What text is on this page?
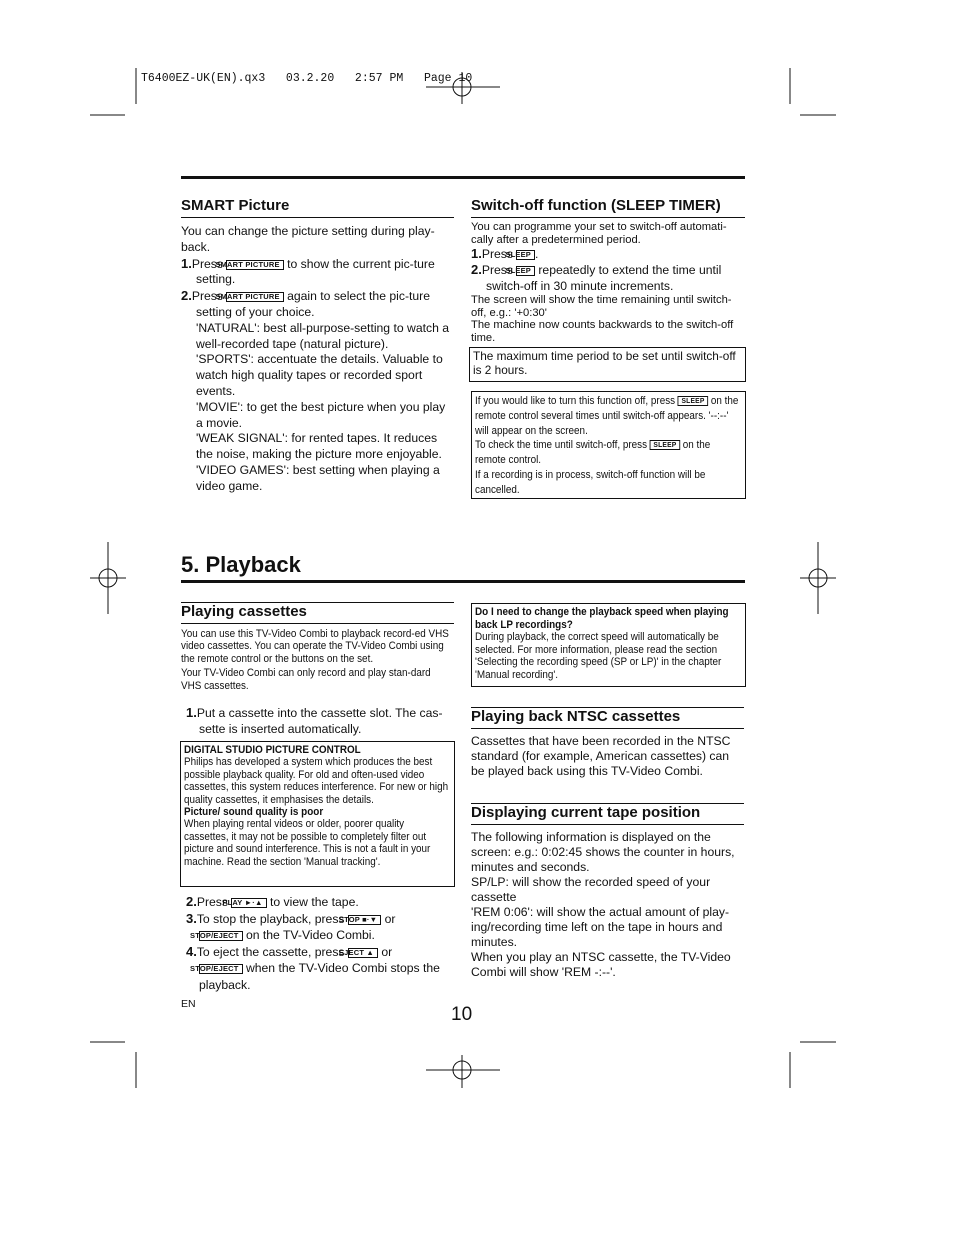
T6400EZ-UK(EN).qx3   03.2.20   2:57 PM   Page 10
SMART Picture

You can change the picture setting during play-back.

1.Press SMART PICTURE to show the current pic-ture setting.

2.Press SMART PICTURE again to select the pic-ture setting of your choice.

'NATURAL': best all-purpose-setting to watch a well-recorded tape (natural picture).

'SPORTS': accentuate the details. Valuable to watch high quality tapes or recorded sport events.

'MOVIE': to get the best picture when you play a movie.

'WEAK SIGNAL': for rented tapes. It reduces the noise, making the picture more enjoyable.

'VIDEO GAMES': best setting when playing a video game.

Switch-off function (SLEEP TIMER)

You can programme your set to switch-off automati-cally after a predetermined period.

1.Press SLEEP .

2.Press SLEEP repeatedly to extend the time until switch-off in 30 minute increments.

The screen will show the time remaining until switch-off, e.g.: '+0:30'

The machine now counts backwards to the switch-off time.

The maximum time period to be set until switch-off is 2 hours.

If you would like to turn this function off, press SLEEP on the remote control several times until switch-off appears. '--:--' will appear on the screen.
To check the time until switch-off, press SLEEP on the remote control.
If a recording is in process, switch-off function will be cancelled.
5. Playback
Playing cassettes

You can use this TV-Video Combi to playback record-ed VHS video cassettes. You can operate the TV-Video Combi using the remote control or the buttons on the set.

Your TV-Video Combi can only record and play stan-dard VHS cassettes.

1.Put a cassette into the cassette slot. The cas-sette is inserted automatically.

DIGITAL STUDIO PICTURE CONTROL

Philips has developed a system which produces the best possible playback quality. For old and often-used video cassettes, this system reduces interference. For new or high quality cassettes, it emphasises the details.

Picture/ sound quality is poor

When playing rental videos or older, poorer quality cassettes, it may not be possible to completely filter out picture and sound interference. This is not a fault in your machine. Read the section 'Manual tracking'.

2.Press PLAY ►·▲ to view the tape.

3.To stop the playback, press STOP ■·▼ or
STOP/EJECT on the TV-Video Combi.

4.To eject the cassette, press EJECT ▲ or
STOP/EJECT when the TV-Video Combi stops the playback.

Do I need to change the playback speed when playing back LP recordings?

During playback, the correct speed will automatically be selected. For more information, please read the section 'Selecting the recording speed (SP or LP)' in the chapter 'Manual recording'.

Playing back NTSC cassettes
Cassettes that have been recorded in the NTSC standard (for example, American cassettes) can be played back using this TV-Video Combi.
Displaying current tape position

The following information is displayed on the screen: e.g.: 0:02:45 shows the counter in hours, minutes and seconds.

SP/LP: will show the recorded speed of your cassette

'REM 0:06': will show the actual amount of play-ing/recording time left on the tape in hours and minutes.

When you play an NTSC cassette, the TV-Video Combi will show 'REM -:--'.

EN	10
